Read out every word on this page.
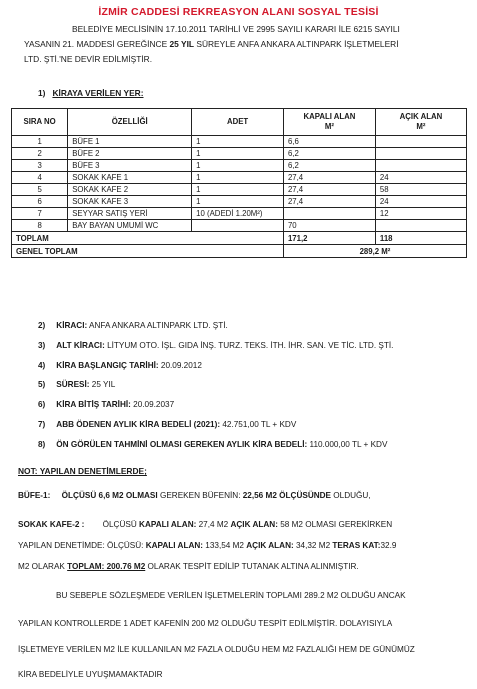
İZMİR CADDESİ REKREASYON ALANI SOSYAL TESİSİ
BELEDİYE MECLİSİNİN 17.10.2011 TARİHLİ VE 2995 SAYILI KARARI İLE 6215 SAYILI
YASANIN 21. MADDESİ GEREĞİNCE 25 YIL SÜREYLE ANFA ANKARA ALTINPARK İŞLETMELERİ
LTD. ŞTİ.'NE DEVİR EDİLMİŞTİR.
1) KİRAYA VERİLEN YER:
SIRA NO	ÖZELLİĞİ	ADET	KAPALI ALAN
M²	AÇIK ALAN
M²
1	BÜFE 1	1	6,6	
2	BÜFE 2	1	6,2	
3	BÜFE 3	1	6,2	
4	SOKAK KAFE 1	1	27,4	24
5	SOKAK KAFE 2	1	27,4	58
6	SOKAK KAFE 3	1	27,4	24
7	SEYYAR SATIŞ YERİ	10 (ADEDİ 1.20M²)		12
8	BAY BAYAN UMUMİ WC		70	
TOPLAM			171,2	118
GENEL TOPLAM			289,2 M²	
2) KİRACI: ANFA ANKARA ALTINPARK LTD. ŞTİ.
3) ALT KİRACI: LİTYUM OTO. İŞL. GIDA İNŞ. TURZ. TEKS. İTH. İHR. SAN. VE TİC. LTD. ŞTİ.
4) KİRA BAŞLANGIÇ TARİHİ: 20.09.2012
5) SÜRESİ: 25 YIL
6) KİRA BİTİŞ TARİHİ: 20.09.2037
7) ABB ÖDENEN AYLIK KİRA BEDELİ (2021): 42.751,00 TL + KDV
8) ÖN GÖRÜLEN TAHMİNİ OLMASI GEREKEN AYLIK KİRA BEDELİ: 110.000,00 TL + KDV
NOT: YAPILAN DENETİMLERDE;
BÜFE-1: ÖLÇÜSÜ 6,6 M2 OLMASI GEREKEN BÜFENİN: 22,56 M2 ÖLÇÜSÜNDE OLDUĞU,
SOKAK KAFE-2 : ÖLÇÜSÜ KAPALI ALAN: 27,4 M2 AÇIK ALAN: 58 M2 OLMASI GEREKİRKEN
YAPILAN DENETİMDE: ÖLÇÜSÜ: KAPALI ALAN: 133,54 M2 AÇIK ALAN: 34,32 M2 TERAS KAT:32.9
M2 OLARAK TOPLAM: 200.76 M2 OLARAK TESPİT EDİLİP TUTANAK ALTINA ALINMIŞTIR.
BU SEBEPLE SÖZLEŞMEDE VERİLEN İŞLETMELERİN TOPLAMI 289.2 M2 OLDUĞU ANCAK
YAPILAN KONTROLLERDE 1 ADET KAFENİN 200 M2 OLDUĞU TESPİT EDİLMİŞTİR. DOLAYISIYLA
İŞLETMEYE VERİLEN M2 İLE KULLANILAN M2 FAZLA OLDUĞU HEM M2 FAZLALIĞI HEM DE GÜNÜMÜZ
KİRA BEDELİYLE UYUŞMAMAKTADIR
